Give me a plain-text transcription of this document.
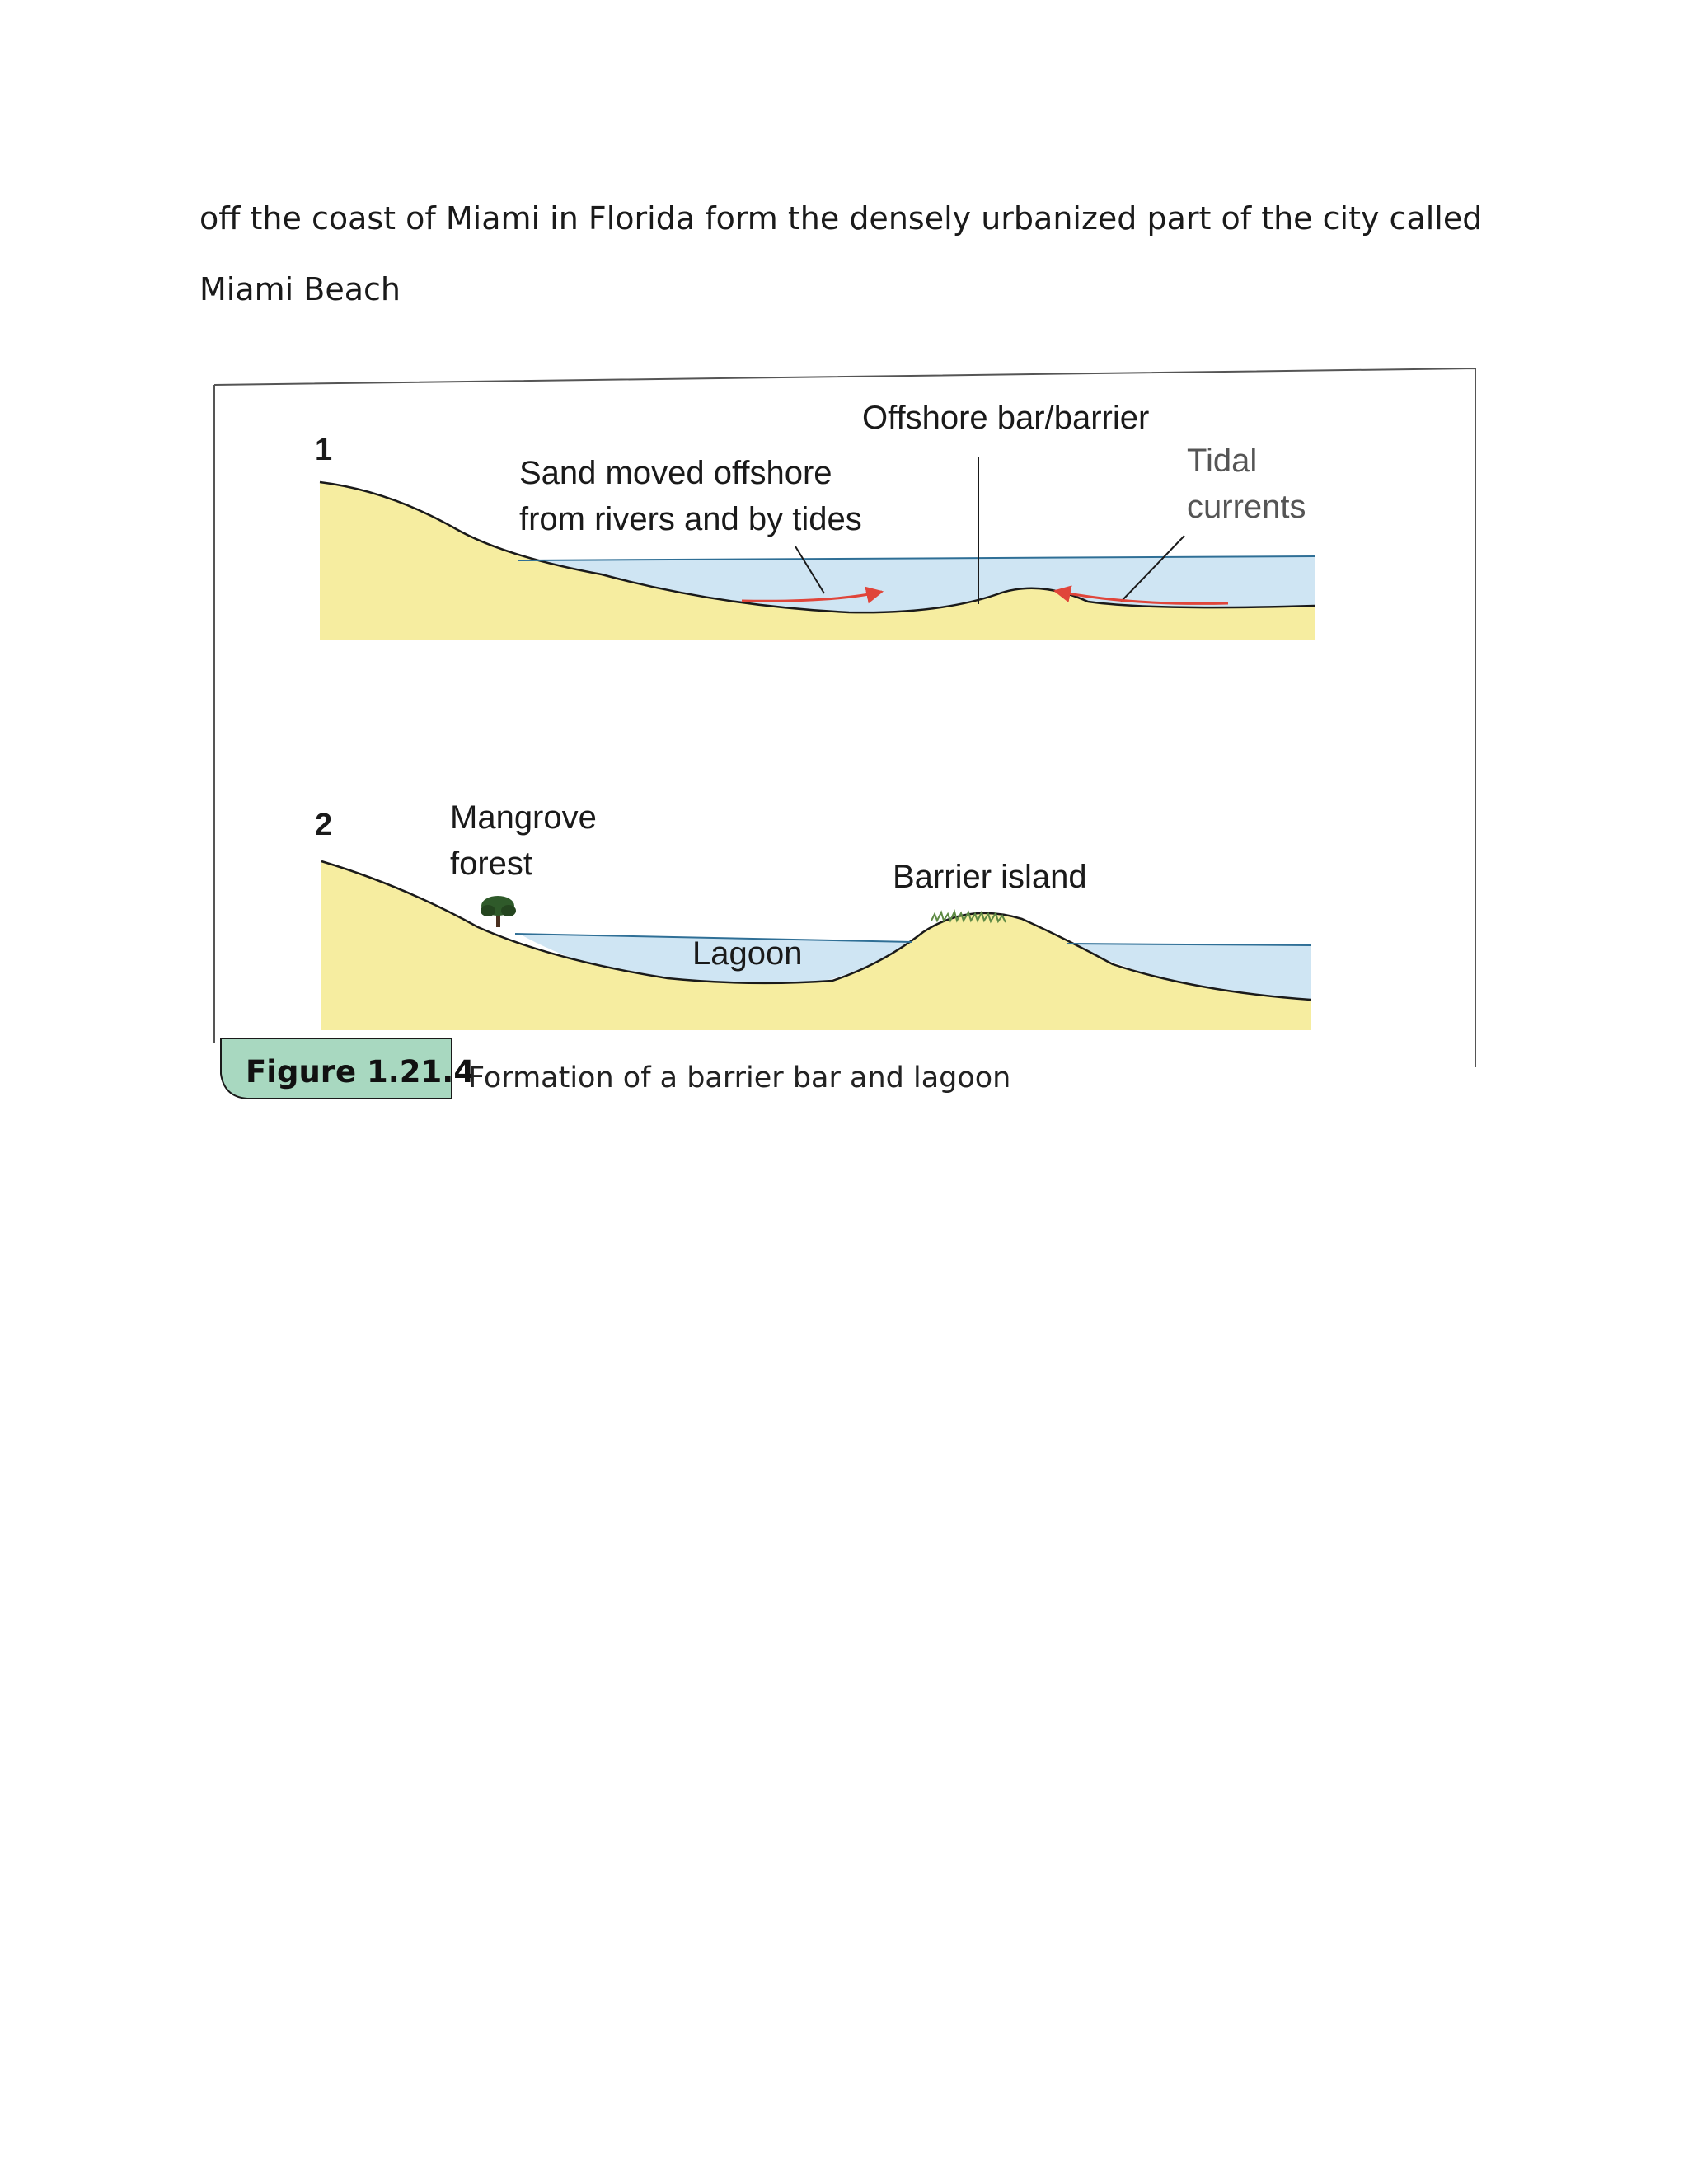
off the coast of Miami in Florida form the densely urbanized part of the city called

Miami Beach

1
Sand moved offshore
from rivers and by tides
Offshore bar/barrier
Tidal
currents
2	Mangrove
forest	Barrier island
Lagoon
Figure 1.21.4
Formation of a barrier bar and lagoon
